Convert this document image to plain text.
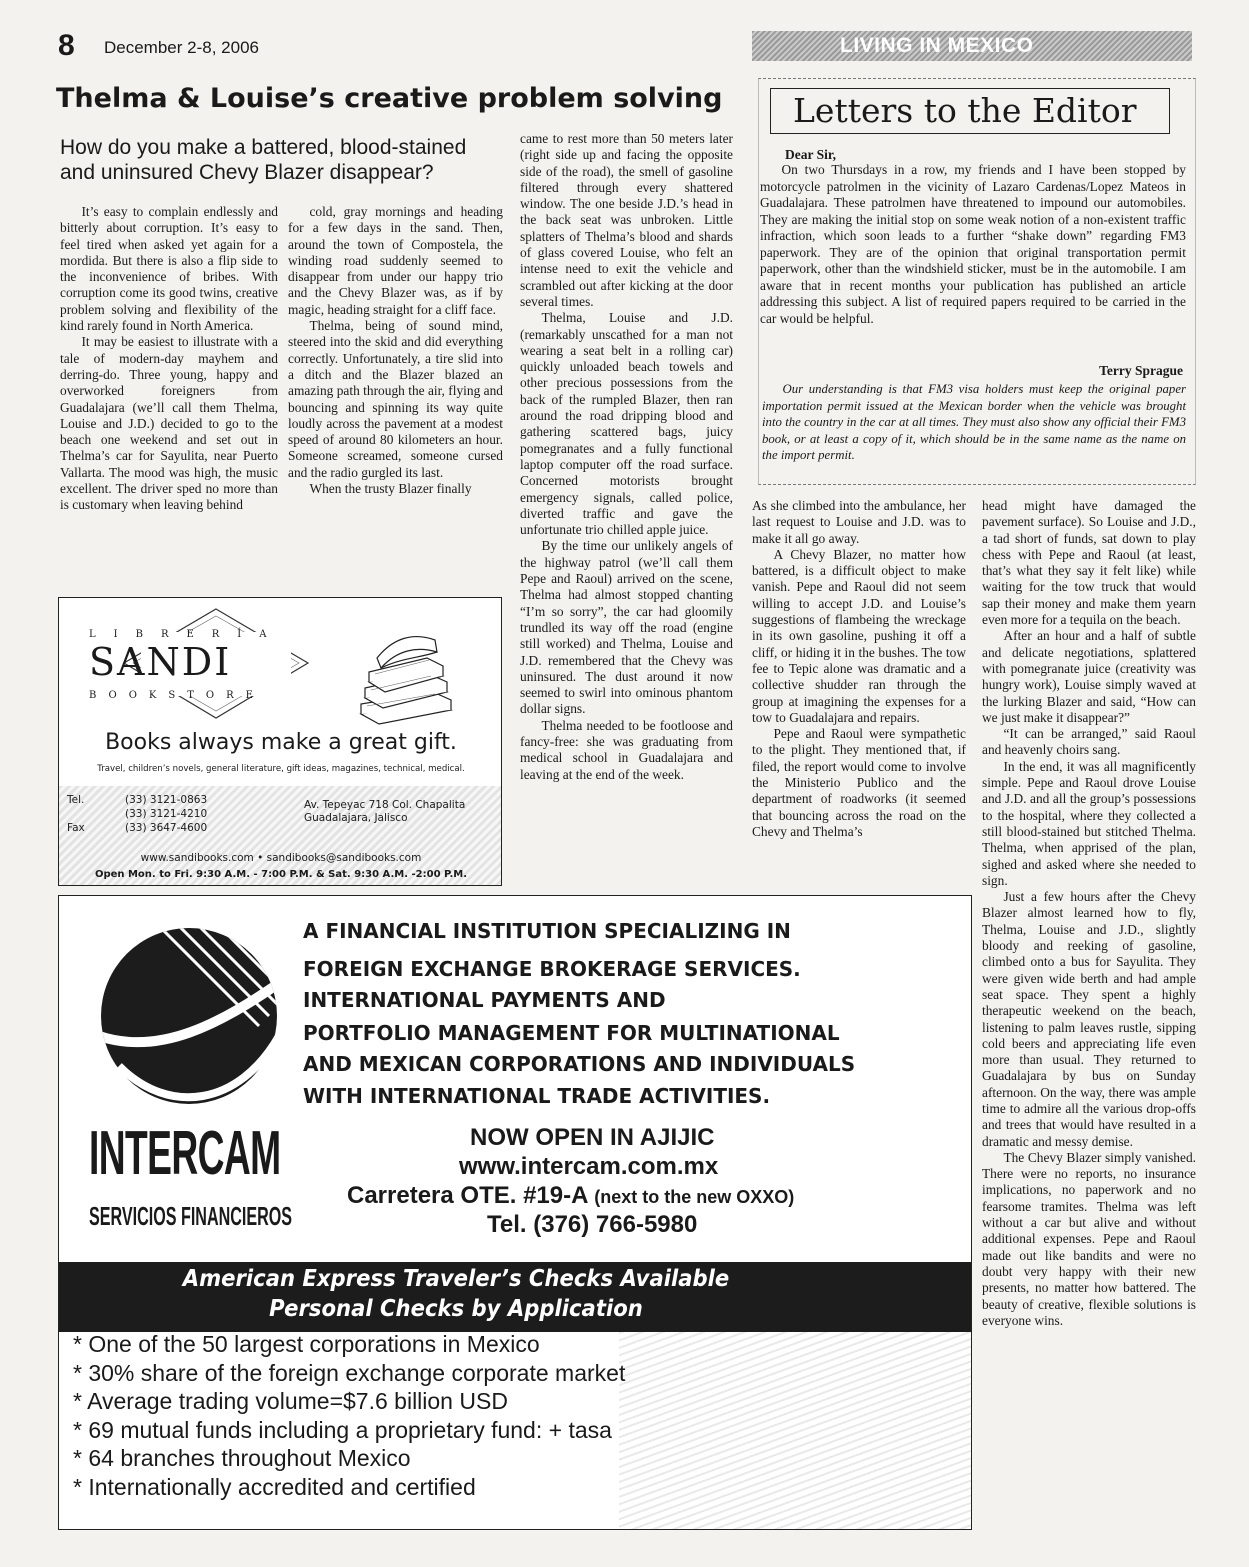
8 December 2-8, 2006	LIVING IN MEXICO
Thelma & Louise’s creative problem solving
How do you make a battered, blood-stained and uninsured Chevy Blazer disappear?

It’s easy to complain endlessly and bitterly about corruption. It’s easy to feel tired when asked yet again for a mordida. But there is also a flip side to the inconvenience of bribes. With corruption come its good twins, creative problem solving and flexibility of the kind rarely found in North America.

It may be easiest to illustrate with a tale of modern-day mayhem and derring-do. Three young, happy and overworked foreigners from Guadalajara (we’ll call them Thelma, Louise and J.D.) decided to go to the beach one weekend and set out in Thelma’s car for Sayulita, near Puerto Vallarta. The mood was high, the music excellent. The driver sped no more than is customary when leaving behind

cold, gray mornings and heading for a few days in the sand. Then, around the town of Compostela, the winding road suddenly seemed to disappear from under our happy trio and the Chevy Blazer was, as if by magic, heading straight for a cliff face.

Thelma, being of sound mind, steered into the skid and did everything correctly. Unfortunately, a tire slid into a ditch and the Blazer blazed an amazing path through the air, flying and bouncing and spinning its way quite loudly across the pavement at a modest speed of around 80 kilometers an hour. Someone screamed, someone cursed and the radio gurgled its last.

When the trusty Blazer finally

came to rest more than 50 meters later (right side up and facing the opposite side of the road), the smell of gasoline filtered through every shattered window. The one beside J.D.’s head in the back seat was unbroken. Little splatters of Thelma’s blood and shards of glass covered Louise, who felt an intense need to exit the vehicle and scrambled out after kicking at the door several times.

Thelma, Louise and J.D. (remarkably unscathed for a man not wearing a seat belt in a rolling car) quickly unloaded beach towels and other precious possessions from the back of the rumpled Blazer, then ran around the road dripping blood and gathering scattered bags, juicy pomegranates and a fully functional laptop computer off the road surface. Concerned motorists brought emergency signals, called police, diverted traffic and gave the unfortunate trio chilled apple juice.

By the time our unlikely angels of the highway patrol (we’ll call them Pepe and Raoul) arrived on the scene, Thelma had almost stopped chanting “I’m so sorry”, the car had gloomily trundled its way off the road (engine still worked) and Thelma, Louise and J.D. remembered that the Chevy was uninsured. The dust around it now seemed to swirl into ominous phantom dollar signs.

Thelma needed to be footloose and fancy-free: she was graduating from medical school in Guadalajara and leaving at the end of the week.

As she climbed into the ambulance, her last request to Louise and J.D. was to make it all go away.

A Chevy Blazer, no matter how battered, is a difficult object to make vanish. Pepe and Raoul did not seem willing to accept J.D. and Louise’s suggestions of flambeing the wreckage in its own gasoline, pushing it off a cliff, or hiding it in the bushes. The tow fee to Tepic alone was dramatic and a collective shudder ran through the group at imagining the expenses for a tow to Guadalajara and repairs.

Pepe and Raoul were sympathetic to the plight. They mentioned that, if filed, the report would come to involve the Ministerio Publico and the department of roadworks (it seemed that bouncing across the road on the Chevy and Thelma’s

head might have damaged the pavement surface). So Louise and J.D., a tad short of funds, sat down to play chess with Pepe and Raoul (at least, that’s what they say it felt like) while waiting for the tow truck that would sap their money and make them yearn even more for a tequila on the beach.

After an hour and a half of subtle and delicate negotiations, splattered with pomegranate juice (creativity was hungry work), Louise simply waved at the lurking Blazer and said, “How can we just make it disappear?”

“It can be arranged,” said Raoul and heavenly choirs sang.

In the end, it was all magnificently simple. Pepe and Raoul drove Louise and J.D. and all the group’s possessions to the hospital, where they collected a still blood-stained but stitched Thelma. Thelma, when apprised of the plan, sighed and asked where she needed to sign.

Just a few hours after the Chevy Blazer almost learned how to fly, Thelma, Louise and J.D., slightly bloody and reeking of gasoline, climbed onto a bus for Sayulita. They were given wide berth and had ample seat space. They spent a highly therapeutic weekend on the beach, listening to palm leaves rustle, sipping cold beers and appreciating life even more than usual. They returned to Guadalajara by bus on Sunday afternoon. On the way, there was ample time to admire all the various drop-offs and trees that would have resulted in a dramatic and messy demise.

The Chevy Blazer simply vanished. There were no reports, no insurance implications, no paperwork and no fearsome tramites. Thelma was left without a car but alive and without additional expenses. Pepe and Raoul made out like bandits and were no doubt very happy with their new presents, no matter how battered. The beauty of creative, flexible solutions is everyone wins.

Letters to the Editor
Dear Sir,
On two Thursdays in a row, my friends and I have been stopped by motorcycle patrolmen in the vicinity of Lazaro Cardenas/Lopez Mateos in Guadalajara. These patrolmen have threatened to impound our automobiles. They are making the initial stop on some weak notion of a non-existent traffic infraction, which soon leads to a further “shake down” regarding FM3 paperwork. They are of the opinion that original transportation permit paperwork, other than the windshield sticker, must be in the automobile. I am aware that in recent months your publication has published an article addressing this subject. A list of required papers required to be carried in the car would be helpful.
Terry Sprague
Our understanding is that FM3 visa holders must keep the original paper importation permit issued at the Mexican border when the vehicle was brought into the country in the car at all times. They must also show any official their FM3 book, or at least a copy of it, which should be in the same name as the name on the import permit.
LIBRERÍA
SANDI
BOOKSTORE
Books always make a great gift.
Travel, children’s novels, general literature, gift ideas, magazines, technical, medical.
Tel.
Fax
(33) 3121-0863
(33) 3121-4210
(33) 3647-4600
Av. Tepeyac 718 Col. Chapalita
Guadalajara, Jalisco
www.sandibooks.com • sandibooks@sandibooks.com
Open Mon. to Fri. 9:30 A.M. - 7:00 P.M. & Sat. 9:30 A.M. -2:00 P.M.
INTERCAM
SERVICIOS FINANCIEROS
A FINANCIAL INSTITUTION SPECIALIZING IN
FOREIGN EXCHANGE BROKERAGE SERVICES.
INTERNATIONAL PAYMENTS AND
PORTFOLIO MANAGEMENT FOR MULTINATIONAL
AND MEXICAN CORPORATIONS AND INDIVIDUALS
WITH INTERNATIONAL TRADE ACTIVITIES.
NOW OPEN IN AJIJIC
www.intercam.com.mx
Carretera OTE. #19-A (next to the new OXXO)
Tel. (376) 766-5980
American Express Traveler’s Checks Available
Personal Checks by Application
* One of the 50 largest corporations in Mexico
* 30% share of the foreign exchange corporate market
* Average trading volume=$7.6 billion USD
* 69 mutual funds including a proprietary fund: + tasa
* 64 branches throughout Mexico
* Internationally accredited and certified
